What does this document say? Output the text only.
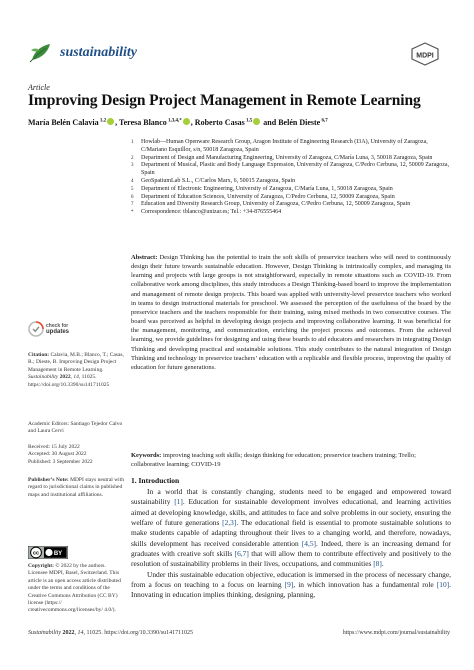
sustainability	MDPI
Article
Improving Design Project Management in Remote Learning
María Belén Calavia $^{1,2}$ , Teresa Blanco $^{1,3,4,*}$ , Roberto Casas $^{1,5}$ and Belén Dieste $^{6,7}$
1	Howlab—Human Openware Research Group, Aragon Institute of Engineering Research (I3A), University of Zaragoza, C/Mariano Esquillor, s/n, 50018 Zaragoza, Spain
2	Department of Design and Manufacturing Engineering, University of Zaragoza, C/María Luna, 3, 50018 Zaragoza, Spain
3	Department of Musical, Plastic and Body Language Expression, University of Zaragoza, C/Pedro Cerbuna, 12, 50009 Zaragoza, Spain
4	GeoSpatiumLab S.L., C/Carlos Marx, 6, 50015 Zaragoza, Spain
5	Department of Electronic Engineering, University of Zaragoza, C/María Luna, 1, 50018 Zaragoza, Spain
6	Department of Education Sciences, University of Zaragoza, C/Pedro Cerbuna, 12, 50009 Zaragoza, Spain
7	Education and Diversity Research Group, University of Zaragoza, C/Pedro Cerbuna, 12, 50009 Zaragoza, Spain
*	Correspondence: tblanco@unizar.es; Tel.: +34-876555464
Abstract: Design Thinking has the potential to train the soft skills of preservice teachers who will need to continuously design their future towards sustainable education. However, Design Thinking is intrinsically complex, and managing its learning and projects with large groups is not straightforward, especially in remote situations such as COVID-19. From collaborative work among disciplines, this study introduces a Design Thinking-based board to improve the implementation and management of remote design projects. This board was applied with university-level preservice teachers who worked in teams to design instructional materials for preschool. We assessed the perception of the usefulness of the board by the preservice teachers and the teachers responsible for their training, using mixed methods in two consecutive courses. The board was perceived as helpful in developing design projects and improving collaborative learning. It was beneficial for the management, monitoring, and communication, enriching the project process and outcomes. From the achieved learning, we provide guidelines for designing and using these boards to aid educators and researchers in integrating Design Thinking and developing practical and sustainable solutions. This study contributes to the natural integration of Design Thinking and technology in preservice teachers’ education with a replicable and flexible process, improving the quality of education for future generations.
Keywords: improving teaching soft skills; design thinking for education; preservice teachers training; Trello; collaborative learning; COVID-19
check for
updates
Citation: Calavia, M.B.; Blanco, T.; Casas, R.; Dieste, B. Improving Design Project Management in Remote Learning. Sustainability 2022, 14, 11025. https://doi.org/10.3390/su141711025
Academic Editors: Santiago Tejedor Calvo and Laura Cervi
Received: 15 July 2022
Accepted: 30 August 2022
Published: 3 September 2022
Publisher’s Note: MDPI stays neutral with regard to jurisdictional claims in published maps and institutional affiliations.
cc BY
Copyright: © 2022 by the authors. Licensee MDPI, Basel, Switzerland. This article is an open access article distributed under the terms and conditions of the Creative Commons Attribution (CC BY) license (https:// creativecommons.org/licenses/by/ 4.0/).
1. Introduction

In a world that is constantly changing, students need to be engaged and empowered toward sustainability [1]. Education for sustainable development involves educational, and learning activities aimed at developing knowledge, skills, and attitudes to face and solve problems in our society, ensuring the welfare of future generations [2,3]. The educational field is essential to promote sustainable solutions to make students capable of adapting throughout their lives to a changing world, and therefore, nowadays, skills development has received considerable attention [4,5]. Indeed, there is an increasing demand for graduates with creative soft skills [6,7] that will allow them to contribute effectively and positively to the resolution of sustainability problems in their lives, occupations, and communities [8].

Under this sustainable education objective, education is immersed in the process of necessary change, from a focus on teaching to a focus on learning [9], in which innovation has a fundamental role [10]. Innovating in education implies thinking, designing, planning,

Sustainability 2022, 14, 11025. https://doi.org/10.3390/su141711025	https://www.mdpi.com/journal/sustainability
